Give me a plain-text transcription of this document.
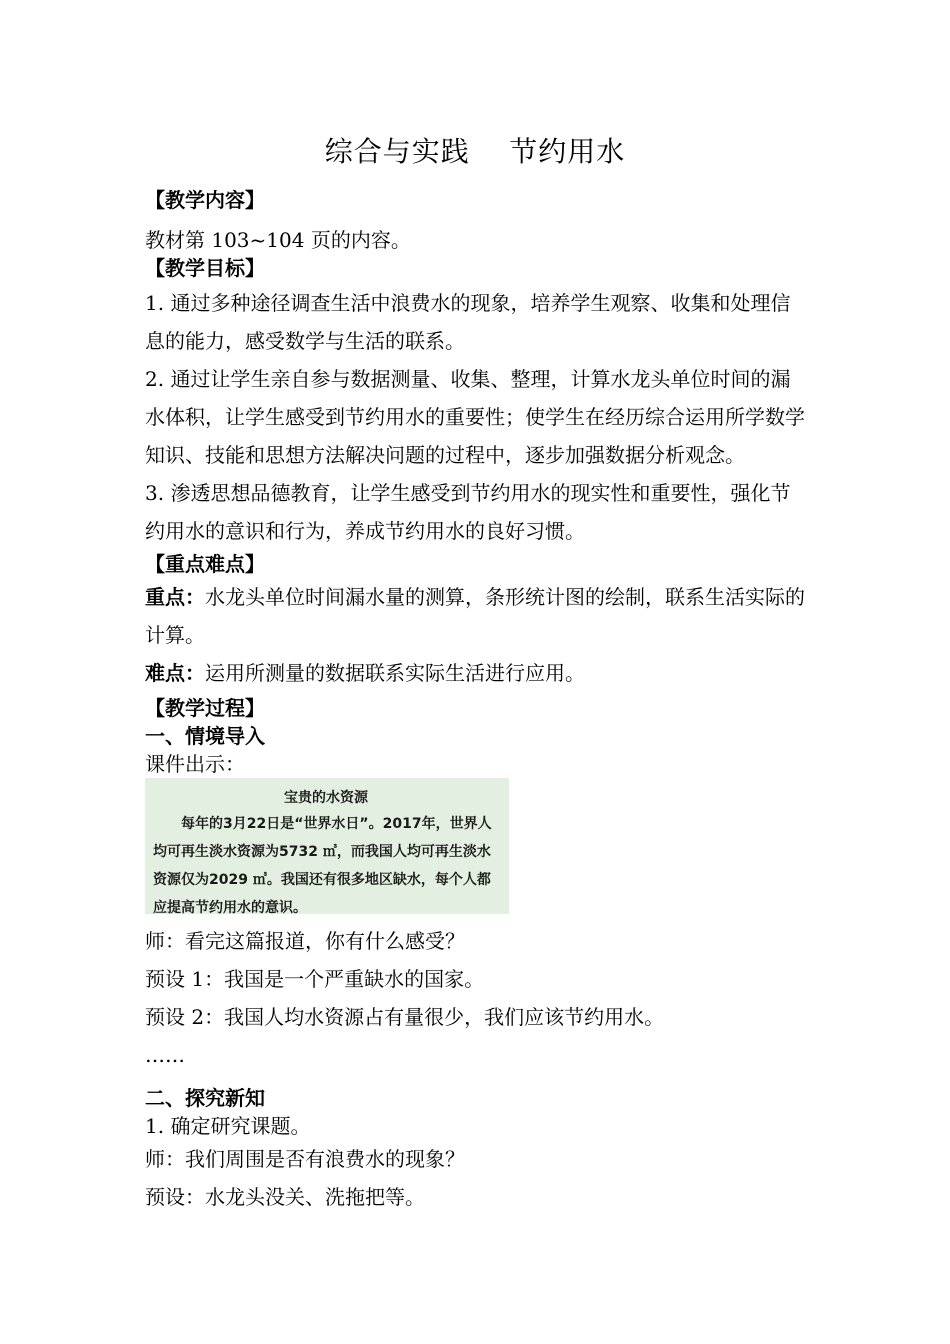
综合与实践    节约用水
【教学内容】
教材第 103~104 页的内容。
【教学目标】
1. 通过多种途径调查生活中浪费水的现象，培养学生观察、收集和处理信息的能力，感受数学与生活的联系。
2. 通过让学生亲自参与数据测量、收集、整理，计算水龙头单位时间的漏水体积，让学生感受到节约用水的重要性；使学生在经历综合运用所学数学知识、技能和思想方法解决问题的过程中，逐步加强数据分析观念。
3. 渗透思想品德教育，让学生感受到节约用水的现实性和重要性，强化节约用水的意识和行为，养成节约用水的良好习惯。
【重点难点】
重点：水龙头单位时间漏水量的测算，条形统计图的绘制，联系生活实际的计算。
难点：运用所测量的数据联系实际生活进行应用。
【教学过程】
一、情境导入
课件出示：
宝贵的水资源
每年的3月22日是“世界水日”。2017年，世界人均可再生淡水资源为5732 ㎥，而我国人均可再生淡水资源仅为2029 ㎥。我国还有很多地区缺水，每个人都应提高节约用水的意识。
师：看完这篇报道，你有什么感受？
预设 1：我国是一个严重缺水的国家。
预设 2：我国人均水资源占有量很少，我们应该节约用水。
……
二、探究新知
1. 确定研究课题。
师：我们周围是否有浪费水的现象？
预设：水龙头没关、洗拖把等。
